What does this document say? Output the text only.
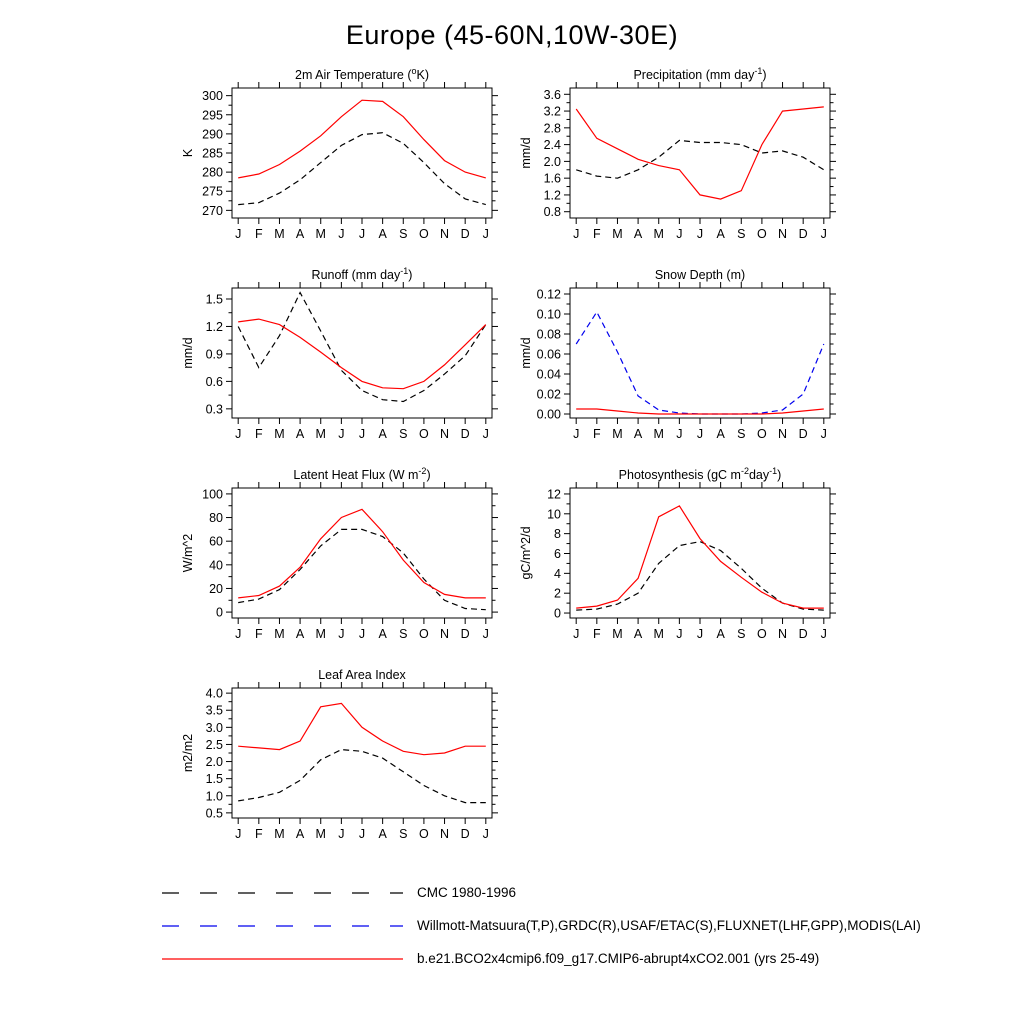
Europe (45-60N,10W-30E)
2m Air Temperature ($^o$K)
K
270
275
280
285
290
295
300
J F M A M J J A S O N D J
Precipitation (mm day$^{-1}$)
mm/d
0.8
1.2
1.6
2.0
2.4
2.8
3.2
3.6
J F M A M J J A S O N D J
Runoff (mm day$^{-1}$)
mm/d
0.3
0.6
0.9
1.2
1.5
J F M A M J J A S O N D J
Snow Depth (m)
mm/d
0.00
0.02
0.04
0.06
0.08
0.10
0.12
J F M A M J J A S O N D J
Latent Heat Flux (W $m^{-2}$)
W/m^2
0
20
40
60
80
100
J F M A M J J A S O N D J
Photosynthesis (gC $m^{-2}day^{-1}$)
gC/m^2/d
0
2
4
6
8
10
12
J F M A M J J A S O N D J
Leaf Area Index
m2/m2
0.5
1.0
1.5
2.0
2.5
3.0
3.5
4.0
J F M A M J J A S O N D J
CMC 1980-1996
Willmott-Matsuura(T,P),GRDC(R),USAF/ETAC(S),FLUXNET(LHF,GPP),MODIS(LAI)
b.e21.BCO2x4cmip6.f09_g17.CMIP6-abrupt4xCO2.001 (yrs 25-49)
